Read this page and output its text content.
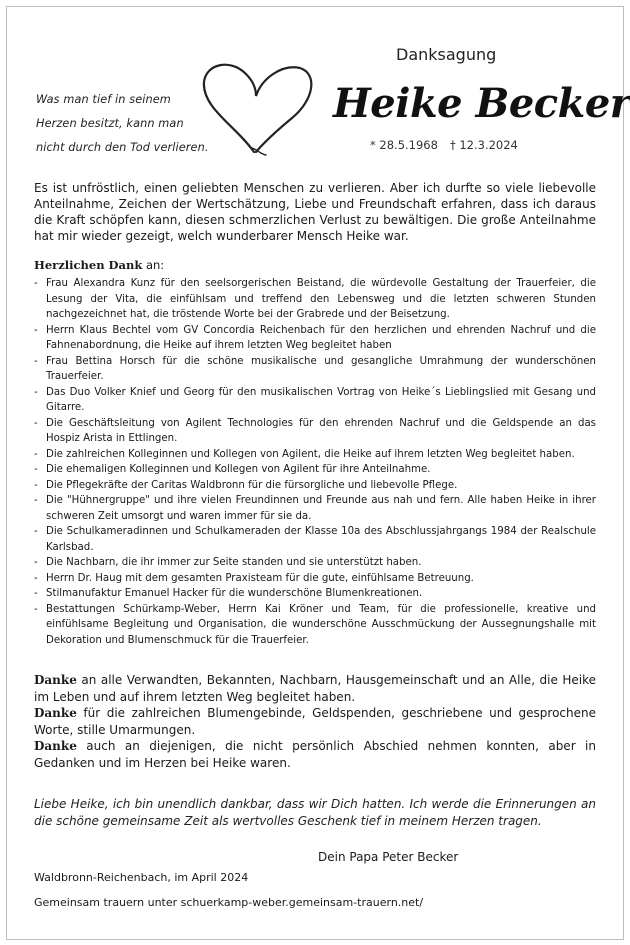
Was man tief in seinem
Herzen besitzt, kann man
nicht durch den Tod verlieren.
Danksagung
Heike Becker
* 28.5.1968 † 12.3.2024
Es ist unfröstlich, einen geliebten Menschen zu verlieren. Aber ich durfte so viele liebevolle Anteilnahme, Zeichen der Wertschätzung, Liebe und Freundschaft erfahren, dass ich daraus die Kraft schöpfen kann, diesen schmerzlichen Verlust zu bewältigen. Die große Anteilnahme hat mir wieder gezeigt, welch wunderbarer Mensch Heike war.
Herzlichen Dank an:
- Frau Alexandra Kunz für den seelsorgerischen Beistand, die würdevolle Gestaltung der Trauerfeier, die Lesung der Vita, die einfühlsam und treffend den Lebensweg und die letzten schweren Stunden nachgezeichnet hat, die tröstende Worte bei der Grabrede und der Beisetzung.
- Herrn Klaus Bechtel vom GV Concordia Reichenbach für den herzlichen und ehrenden Nachruf und die Fahnenabordnung, die Heike auf ihrem letzten Weg begleitet haben
- Frau Bettina Horsch für die schöne musikalische und gesangliche Umrahmung der wunderschönen Trauerfeier.
- Das Duo Volker Knief und Georg für den musikalischen Vortrag von Heike´s Lieblingslied mit Gesang und Gitarre.
- Die Geschäftsleitung von Agilent Technologies für den ehrenden Nachruf und die Geldspende an das Hospiz Arista in Ettlingen.
- Die zahlreichen Kolleginnen und Kollegen von Agilent, die Heike auf ihrem letzten Weg begleitet haben.
- Die ehemaligen Kolleginnen und Kollegen von Agilent für ihre Anteilnahme.
- Die Pflegekräfte der Caritas Waldbronn für die fürsorgliche und liebevolle Pflege.
- Die "Hühnergruppe" und ihre vielen Freundinnen und Freunde aus nah und fern. Alle haben Heike in ihrer schweren Zeit umsorgt und waren immer für sie da.
- Die Schulkameradinnen und Schulkameraden der Klasse 10a des Abschlussjahrgangs 1984 der Realschule Karlsbad.
- Die Nachbarn, die ihr immer zur Seite standen und sie unterstützt haben.
- Herrn Dr. Haug mit dem gesamten Praxisteam für die gute, einfühlsame Betreuung.
- Stilmanufaktur Emanuel Hacker für die wunderschöne Blumenkreationen.
- Bestattungen Schürkamp-Weber, Herrn Kai Kröner und Team, für die professionelle, kreative und einfühlsame Begleitung und Organisation, die wunderschöne Ausschmückung der Aussegnungshalle mit Dekoration und Blumenschmuck für die Trauerfeier.

Danke an alle Verwandten, Bekannten, Nachbarn, Hausgemeinschaft und an Alle, die Heike im Leben und auf ihrem letzten Weg begleitet haben.

Danke für die zahlreichen Blumengebinde, Geldspenden, geschriebene und gesprochene Worte, stille Umarmungen.

Danke auch an diejenigen, die nicht persönlich Abschied nehmen konnten, aber in Gedanken und im Herzen bei Heike waren.

Liebe Heike, ich bin unendlich dankbar, dass wir Dich hatten. Ich werde die Erinnerungen an die schöne gemeinsame Zeit als wertvolles Geschenk tief in meinem Herzen tragen.
Dein Papa Peter Becker
Waldbronn-Reichenbach, im April 2024
Gemeinsam trauern unter schuerkamp-weber.gemeinsam-trauern.net/
